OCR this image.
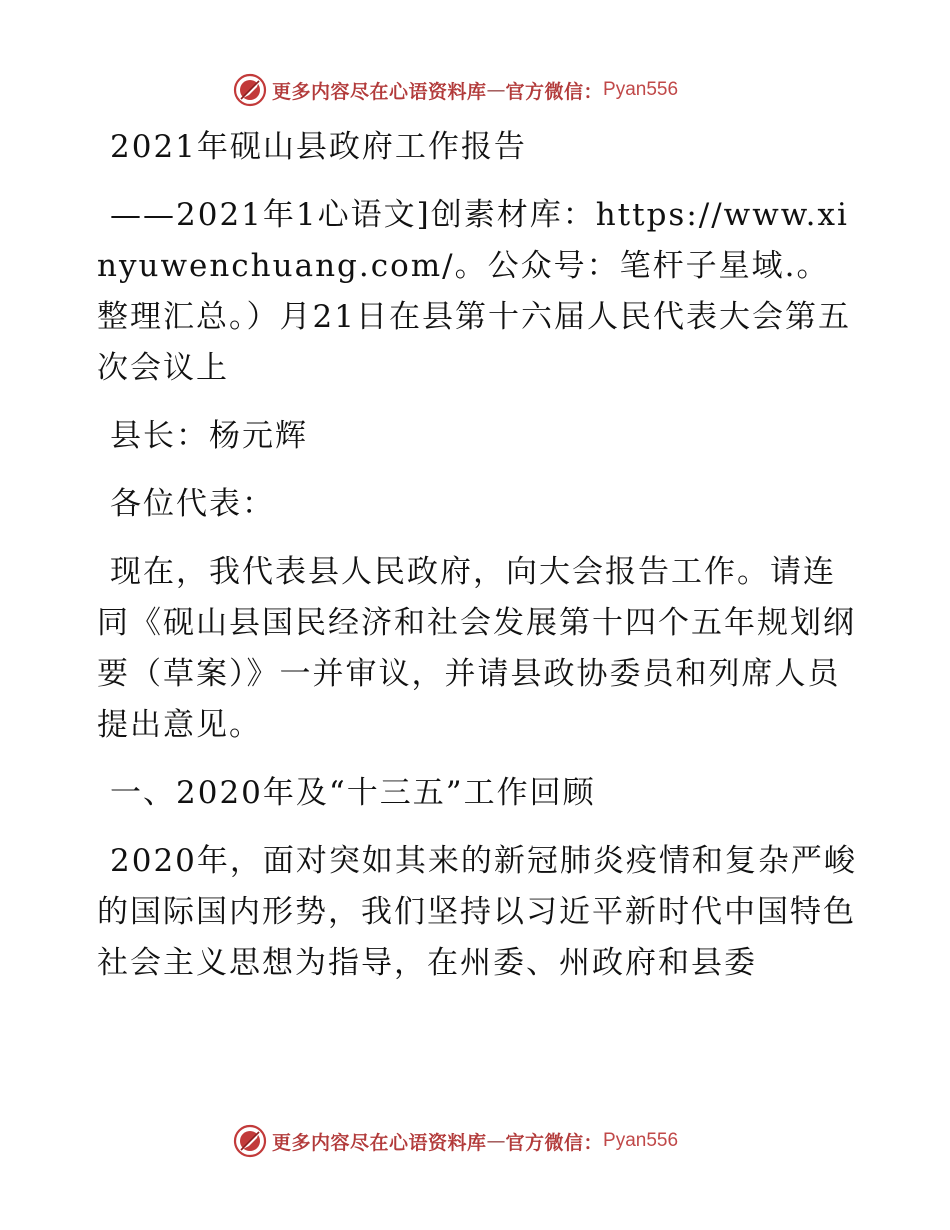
更多内容尽在心语资料库 — 官方微信： Pyan556

2021年砚山县政府工作报告

——2021年1心语文]创素材库：https://www.xinyuwenchuang.com/。公众号：笔杆子星域.。整理汇总。）月21日在县第十六届人民代表大会第五次会议上

县长：杨元辉

各位代表：

现在，我代表县人民政府，向大会报告工作。请连同《砚山县国民经济和社会发展第十四个五年规划纲要（草案）》一并审议，并请县政协委员和列席人员提出意见。

一、2020年及“十三五”工作回顾

2020年，面对突如其来的新冠肺炎疫情和复杂严峻的国际国内形势，我们坚持以习近平新时代中国特色社会主义思想为指导，在州委、州政府和县委

更多内容尽在心语资料库 — 官方微信： Pyan556
